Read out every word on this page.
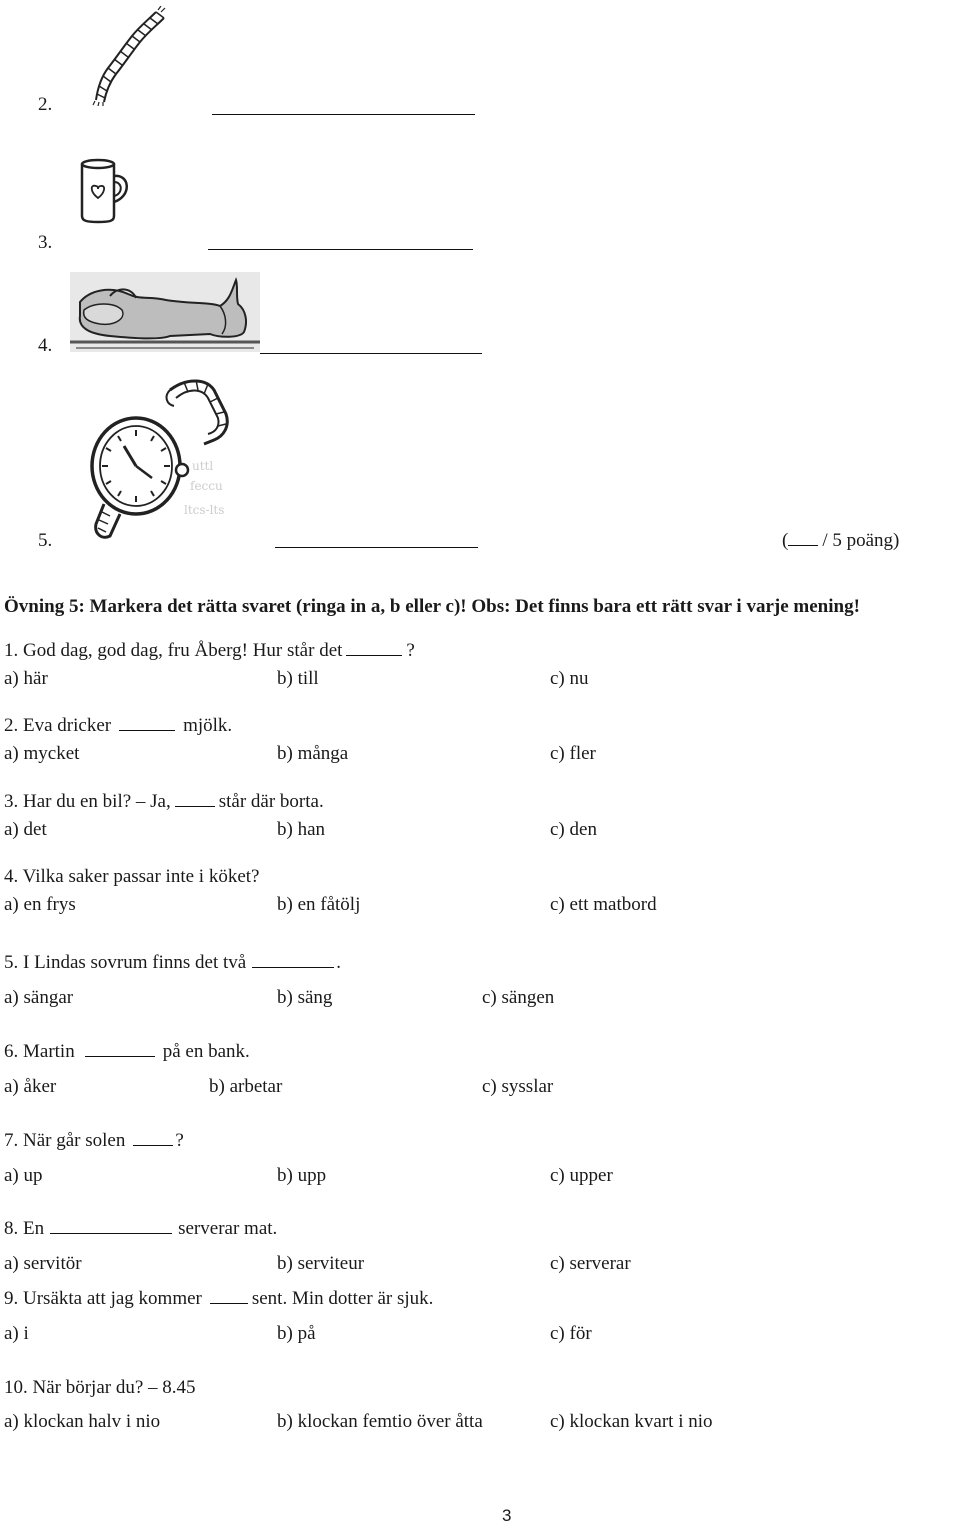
2.
3.
4.
uttl
feccu
ltcs-lts
5.	( / 5 poäng)
Övning 5: Markera det rätta svaret (ringa in a, b eller c)! Obs: Det finns bara ett rätt svar i varje mening!
1. God dag, god dag, fru Åberg! Hur står det	?
a) här	b) till	c) nu
2. Eva dricker	mjölk.
a) mycket	b) många	c) fler
3. Har du en bil? – Ja,	står där borta.
a) det	b) han	c) den
4. Vilka saker passar inte i köket?
a) en frys	b) en fåtölj	c) ett matbord
5. I Lindas sovrum finns det två	.
a) sängar	b) säng	c) sängen
6. Martin	på en bank.
a) åker	b) arbetar	c) sysslar
7. När går solen	?
a) up	b) upp	c) upper
8. En	serverar mat.
a) servitör	b) serviteur	c) serverar
9. Ursäkta att jag kommer	sent. Min dotter är sjuk.
a) i	b) på	c) för
10. När börjar du? – 8.45
a) klockan halv i nio	b) klockan femtio över åtta	c) klockan kvart i nio
3
